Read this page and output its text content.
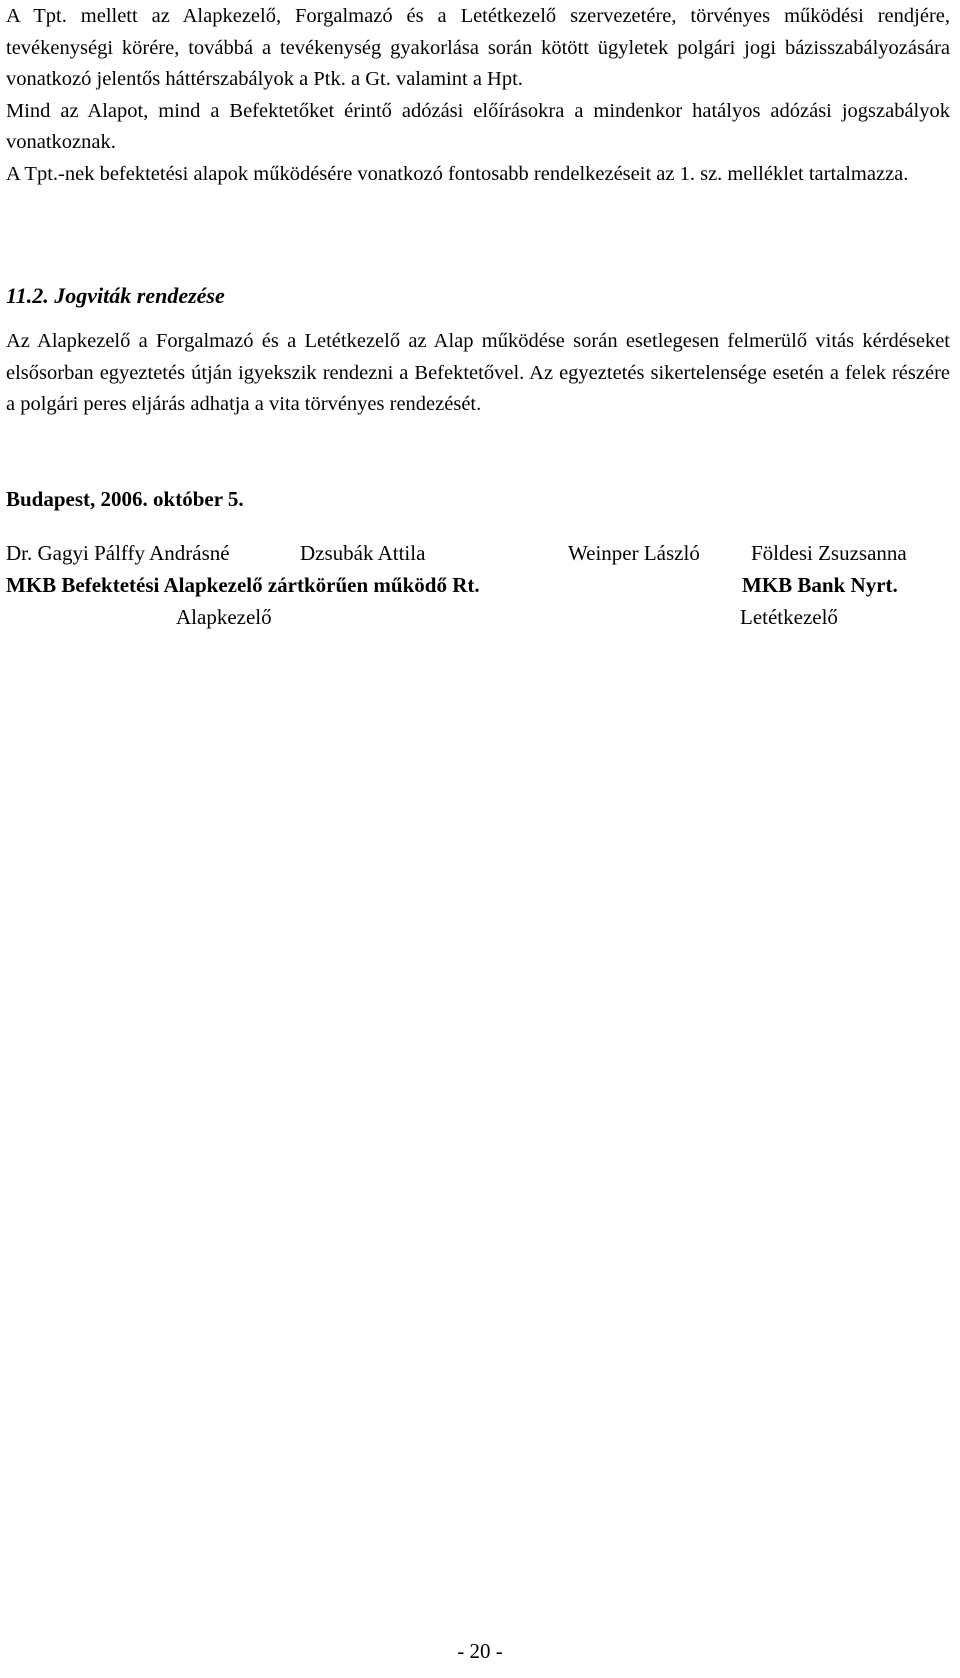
A Tpt. mellett az Alapkezelő, Forgalmazó és a Letétkezelő szervezetére, törvényes működési rendjére, tevékenységi körére, továbbá a tevékenység gyakorlása során kötött ügyletek polgári jogi bázisszabályozására vonatkozó jelentős háttérszabályok a Ptk. a Gt. valamint a Hpt.

Mind az Alapot, mind a Befektetőket érintő adózási előírásokra a mindenkor hatályos adózási jogszabályok vonatkoznak.

A Tpt.-nek befektetési alapok működésére vonatkozó fontosabb rendelkezéseit az 1. sz. melléklet tartalmazza.

11.2. Jogviták rendezése

Az Alapkezelő a Forgalmazó és a Letétkezelő az Alap működése során esetlegesen felmerülő vitás kérdéseket elsősorban egyeztetés útján igyekszik rendezni a Befektetővel. Az egyeztetés sikertelensége esetén a felek részére a polgári peres eljárás adhatja a vita törvényes rendezését.

Budapest, 2006. október 5.
Dr. Gagyi Pálffy Andrásné	Dzsubák Attila	Weinper László Földesi Zsuzsanna
MKB Befektetési Alapkezelő zártkörűen működő Rt.	MKB Bank Nyrt.
Alapkezelő	Letétkezelő
- 20 -
